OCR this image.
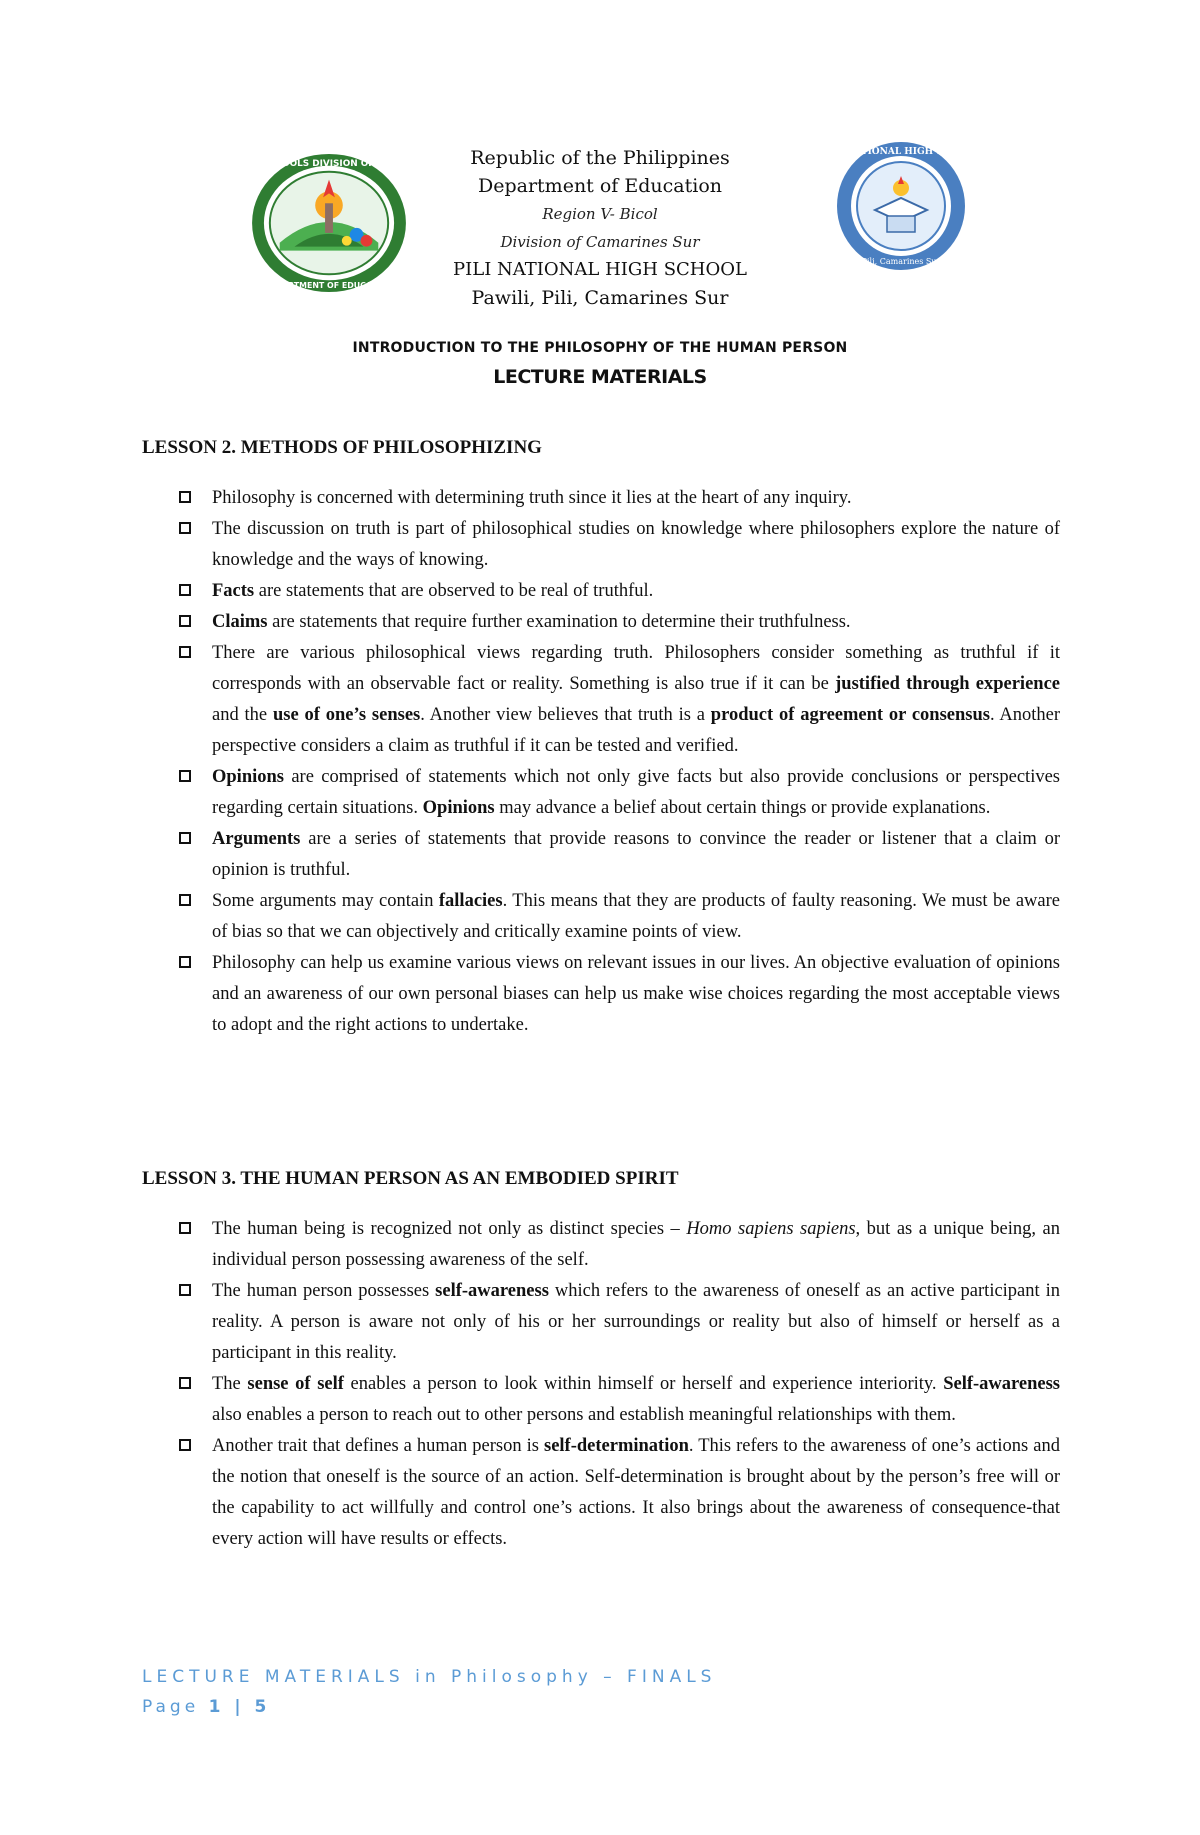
SCHOOLS DIVISION OFFICE
DEPARTMENT OF EDUCATION
Republic of the Philippines
Department of Education
Region V- Bicol
Division of Camarines Sur
PILI NATIONAL HIGH SCHOOL
Pawili, Pili, Camarines Sur
PILI NATIONAL HIGH SCHOOL
Pili, Camarines Sur
INTRODUCTION TO THE PHILOSOPHY OF THE HUMAN PERSON
LECTURE MATERIALS
LESSON 2. METHODS OF PHILOSOPHIZING
Philosophy is concerned with determining truth since it lies at the heart of any inquiry.
The discussion on truth is part of philosophical studies on knowledge where philosophers explore the nature of knowledge and the ways of knowing.
Facts are statements that are observed to be real of truthful.
Claims are statements that require further examination to determine their truthfulness.
There are various philosophical views regarding truth. Philosophers consider something as truthful if it corresponds with an observable fact or reality. Something is also true if it can be justified through experience and the use of one’s senses. Another view believes that truth is a product of agreement or consensus. Another perspective considers a claim as truthful if it can be tested and verified.
Opinions are comprised of statements which not only give facts but also provide conclusions or perspectives regarding certain situations. Opinions may advance a belief about certain things or provide explanations.
Arguments are a series of statements that provide reasons to convince the reader or listener that a claim or opinion is truthful.
Some arguments may contain fallacies. This means that they are products of faulty reasoning. We must be aware of bias so that we can objectively and critically examine points of view.
Philosophy can help us examine various views on relevant issues in our lives. An objective evaluation of opinions and an awareness of our own personal biases can help us make wise choices regarding the most acceptable views to adopt and the right actions to undertake.
LESSON 3. THE HUMAN PERSON AS AN EMBODIED SPIRIT
The human being is recognized not only as distinct species – Homo sapiens sapiens, but as a unique being, an individual person possessing awareness of the self.
The human person possesses self-awareness which refers to the awareness of oneself as an active participant in reality. A person is aware not only of his or her surroundings or reality but also of himself or herself as a participant in this reality.
The sense of self enables a person to look within himself or herself and experience interiority. Self-awareness also enables a person to reach out to other persons and establish meaningful relationships with them.
Another trait that defines a human person is self-determination. This refers to the awareness of one’s actions and the notion that oneself is the source of an action. Self-determination is brought about by the person’s free will or the capability to act willfully and control one’s actions. It also brings about the awareness of consequence-that every action will have results or effects.
LECTURE MATERIALS in Philosophy – FINALS
Page 1 | 5
